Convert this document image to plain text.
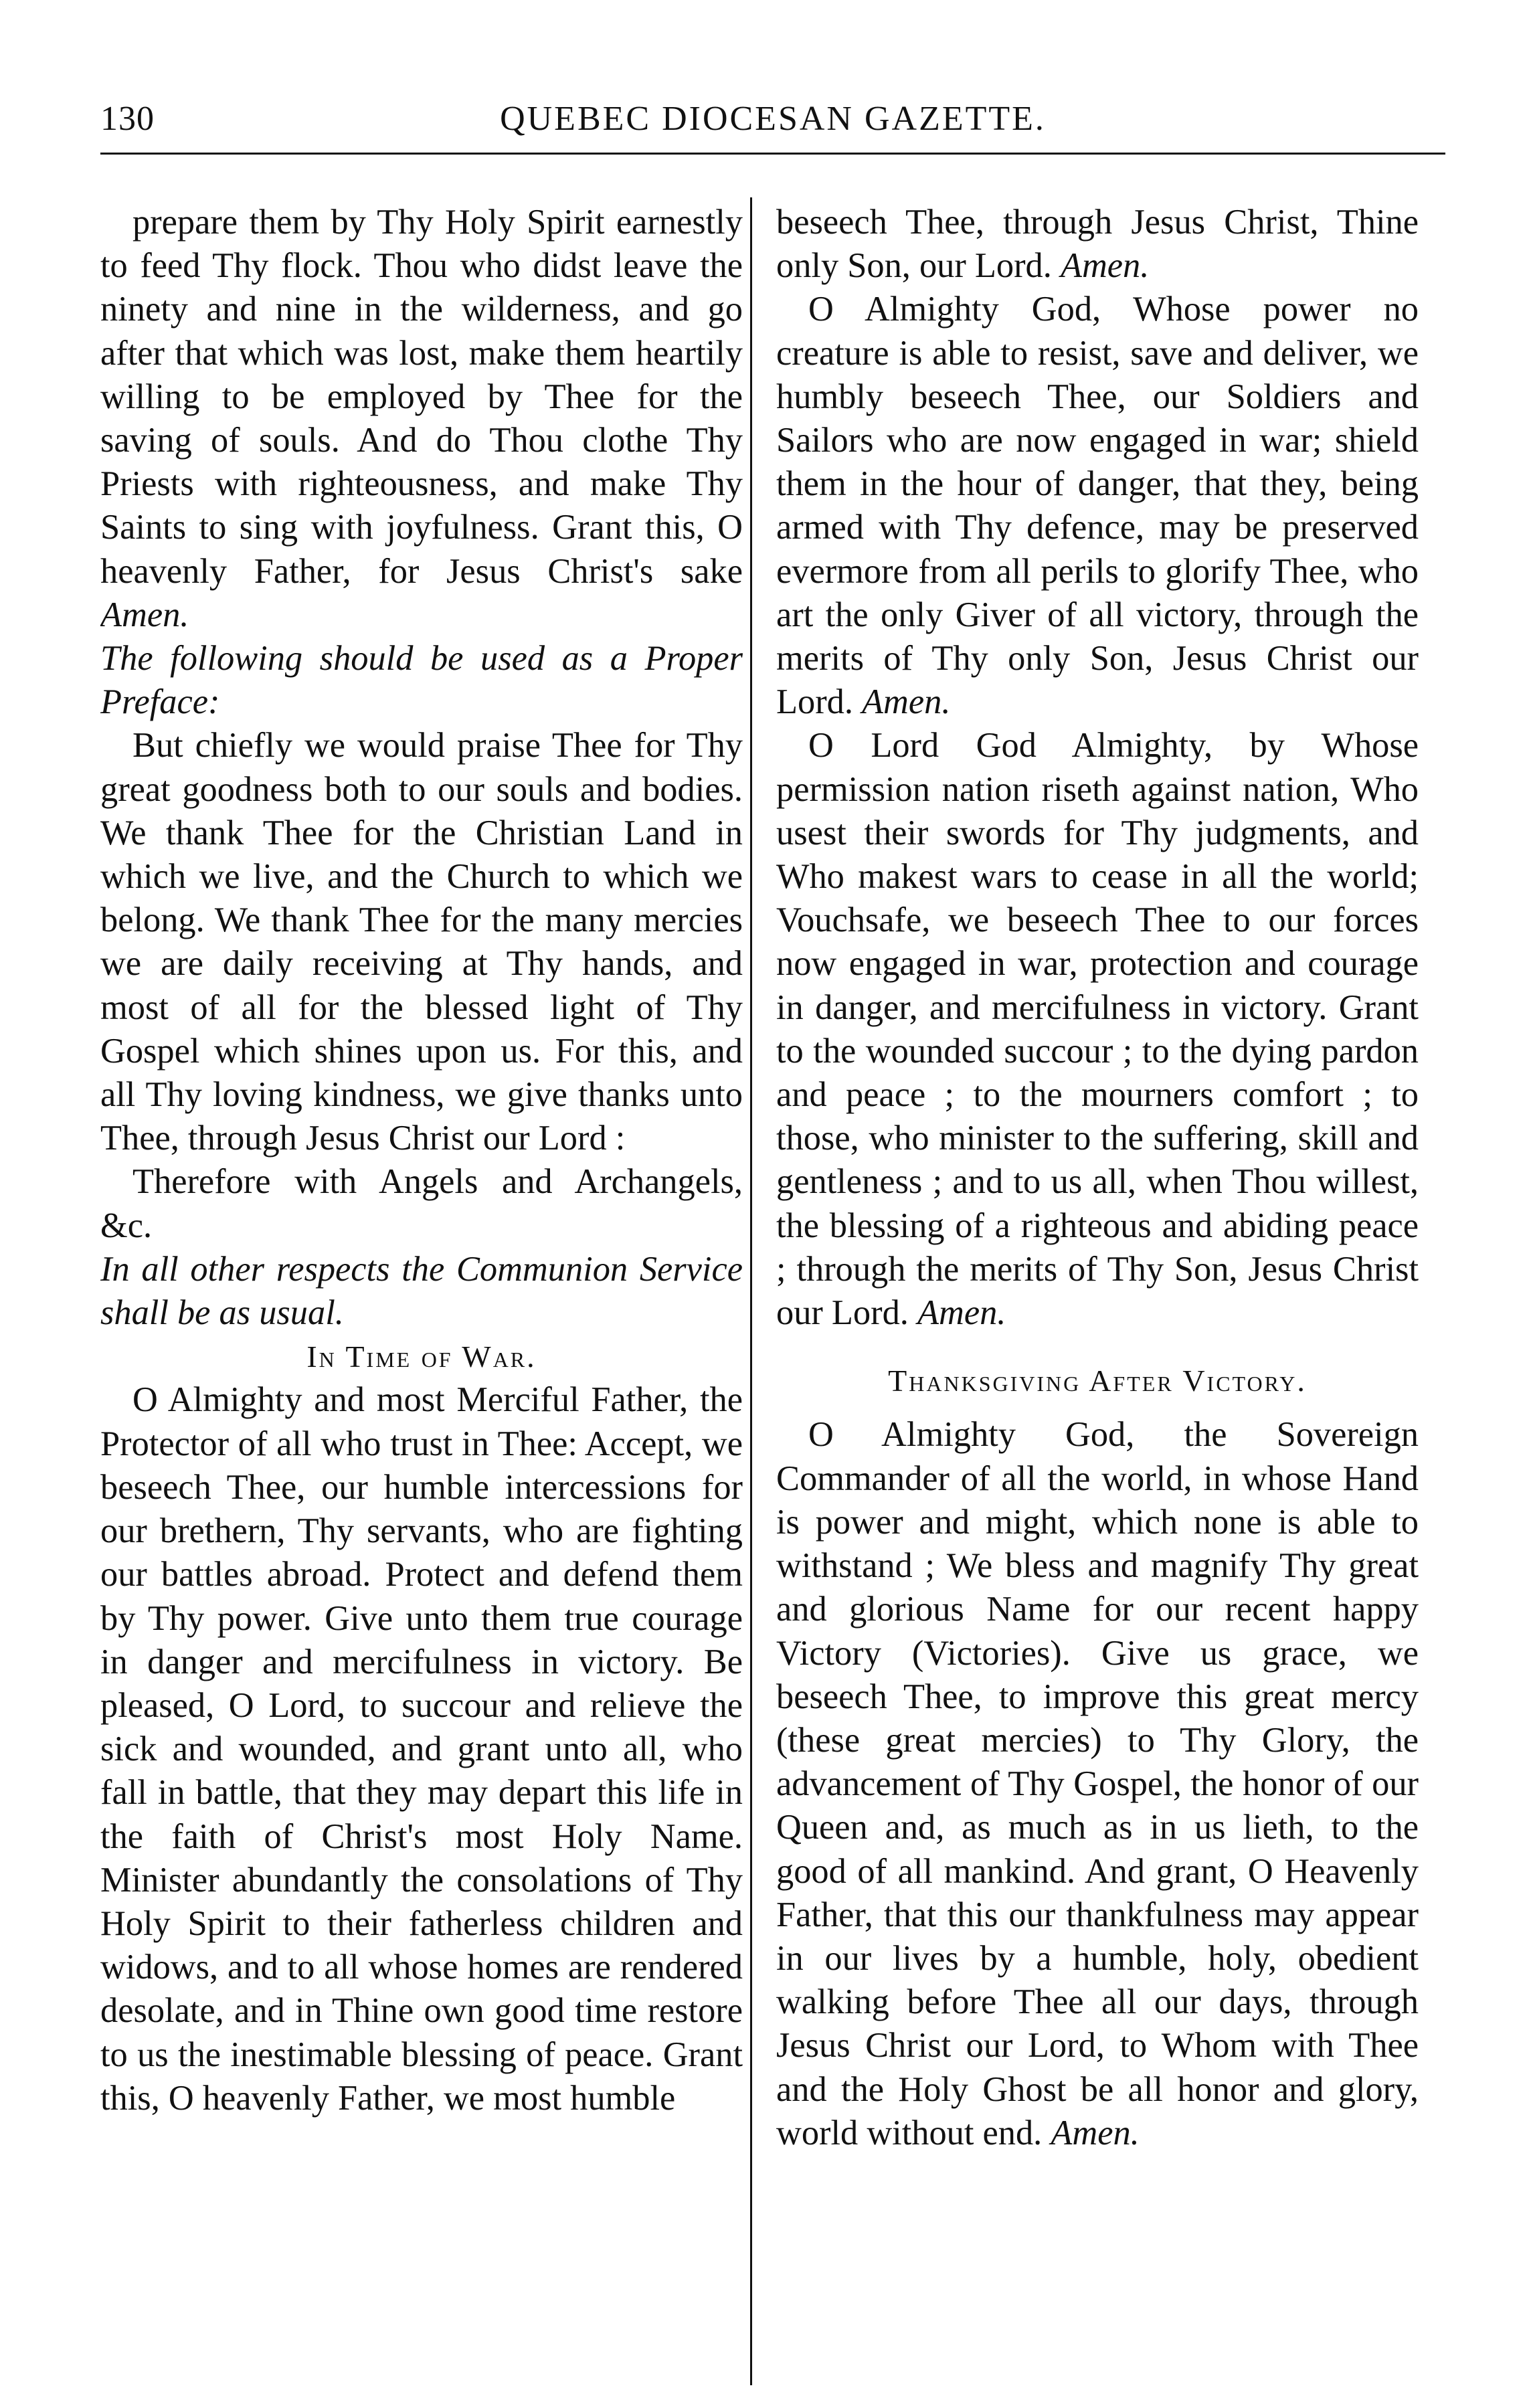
130	QUEBEC DIOCESAN GAZETTE.

prepare them by Thy Holy Spirit earnestly to feed Thy flock. Thou who didst leave the ninety and nine in the wilderness, and go after that which was lost, make them heartily willing to be employed by Thee for the saving of souls. And do Thou clothe Thy Priests with righteousness, and make Thy Saints to sing with joyfulness. Grant this, O heavenly Father, for Jesus Christ's sake Amen.

The following should be used as a Proper Preface:

But chiefly we would praise Thee for Thy great goodness both to our souls and bodies. We thank Thee for the Christian Land in which we live, and the Church to which we belong. We thank Thee for the many mercies we are daily receiving at Thy hands, and most of all for the blessed light of Thy Gospel which shines upon us. For this, and all Thy loving kindness, we give thanks unto Thee, through Jesus Christ our Lord :

Therefore with Angels and Archangels, &c.

In all other respects the Communion Service shall be as usual.

In Time of War.

O Almighty and most Merciful Father, the Protector of all who trust in Thee: Accept, we beseech Thee, our humble intercessions for our brethern, Thy servants, who are fighting our battles abroad. Protect and defend them by Thy power. Give unto them true courage in danger and mercifulness in victory. Be pleased, O Lord, to succour and relieve the sick and wounded, and grant unto all, who fall in battle, that they may depart this life in the faith of Christ's most Holy Name. Minister abundantly the consolations of Thy Holy Spirit to their fatherless children and widows, and to all whose homes are rendered desolate, and in Thine own good time restore to us the inestimable blessing of peace. Grant this, O heavenly Father, we most humble

beseech Thee, through Jesus Christ, Thine only Son, our Lord. Amen.

O Almighty God, Whose power no creature is able to resist, save and deliver, we humbly beseech Thee, our Soldiers and Sailors who are now engaged in war; shield them in the hour of danger, that they, being armed with Thy defence, may be preserved evermore from all perils to glorify Thee, who art the only Giver of all victory, through the merits of Thy only Son, Jesus Christ our Lord. Amen.

O Lord God Almighty, by Whose permission nation riseth against nation, Who usest their swords for Thy judgments, and Who makest wars to cease in all the world; Vouchsafe, we beseech Thee to our forces now engaged in war, protection and courage in danger, and mercifulness in victory. Grant to the wounded succour ; to the dying pardon and peace ; to the mourners comfort ; to those, who minister to the suffering, skill and gentleness ; and to us all, when Thou willest, the blessing of a righteous and abiding peace ; through the merits of Thy Son, Jesus Christ our Lord. Amen.

Thanksgiving After Victory.

O Almighty God, the Sovereign Commander of all the world, in whose Hand is power and might, which none is able to withstand ; We bless and magnify Thy great and glorious Name for our recent happy Victory (Victories). Give us grace, we beseech Thee, to improve this great mercy (these great mercies) to Thy Glory, the advancement of Thy Gospel, the honor of our Queen and, as much as in us lieth, to the good of all mankind. And grant, O Heavenly Father, that this our thankfulness may appear in our lives by a humble, holy, obedient walking before Thee all our days, through Jesus Christ our Lord, to Whom with Thee and the Holy Ghost be all honor and glory, world without end. Amen.
